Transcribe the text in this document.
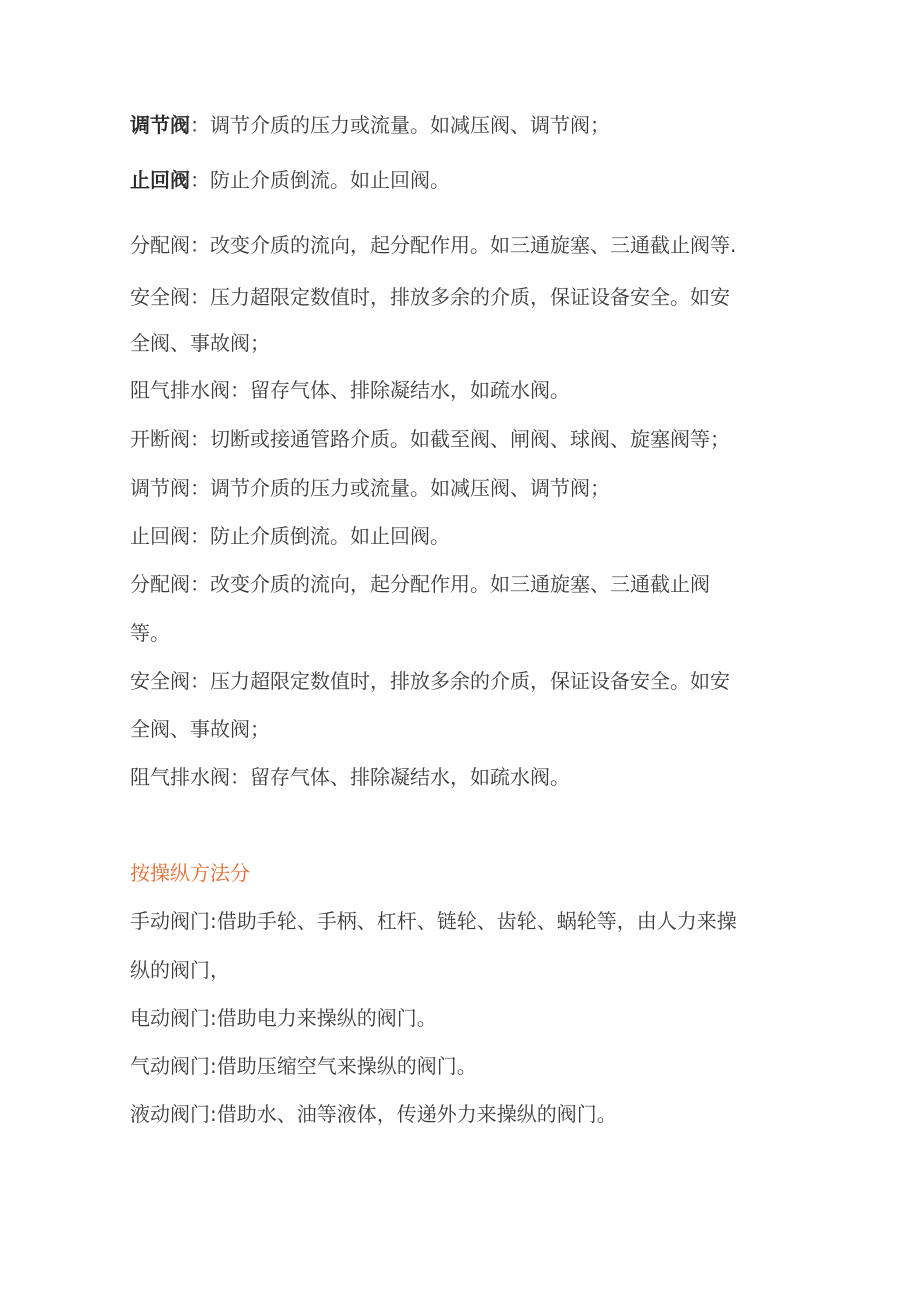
调节阀：调节介质的压力或流量。如减压阀、调节阀；
止回阀：防止介质倒流。如止回阀。
分配阀：改变介质的流向，起分配作用。如三通旋塞、三通截止阀等.
安全阀：压力超限定数值时，排放多余的介质，保证设备安全。如安
全阀、事故阀；
阻气排水阀：留存气体、排除凝结水，如疏水阀。
开断阀：切断或接通管路介质。如截至阀、闸阀、球阀、旋塞阀等；
调节阀：调节介质的压力或流量。如减压阀、调节阀；
止回阀：防止介质倒流。如止回阀。
分配阀：改变介质的流向，起分配作用。如三通旋塞、三通截止阀
等。
安全阀：压力超限定数值时，排放多余的介质，保证设备安全。如安
全阀、事故阀；
阻气排水阀：留存气体、排除凝结水，如疏水阀。
按操纵方法分
手动阀门:借助手轮、手柄、杠杆、链轮、齿轮、蜗轮等，由人力来操
纵的阀门，
电动阀门:借助电力来操纵的阀门。
气动阀门:借助压缩空气来操纵的阀门。
液动阀门:借助水、油等液体，传递外力来操纵的阀门。
